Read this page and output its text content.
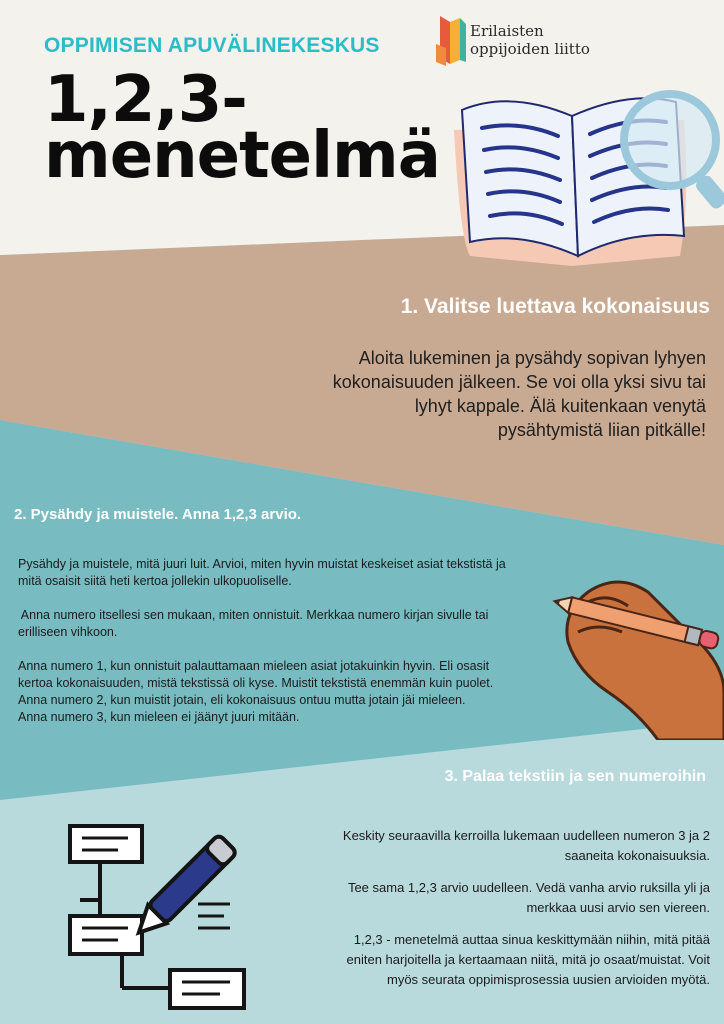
OPPIMISEN APUVÄLINEKESKUS
1,2,3-
menetelmä
Erilaisten
oppijoiden liitto
1. Valitse luettava kokonaisuus
Aloita lukeminen ja pysähdy sopivan lyhyen
kokonaisuuden jälkeen. Se voi olla yksi sivu tai
lyhyt kappale. Älä kuitenkaan venytä
pysähtymistä liian pitkälle!
2. Pysähdy ja muistele. Anna 1,2,3 arvio.

Pysähdy ja muistele, mitä juuri luit. Arvioi, miten hyvin muistat keskeiset asiat tekstistä ja
mitä osaisit siitä heti kertoa jollekin ulkopuoliselle.

Anna numero itsellesi sen mukaan, miten onnistuit. Merkkaa numero kirjan sivulle tai
erilliseen vihkoon.

Anna numero 1, kun onnistuit palauttamaan mieleen asiat jotakuinkin hyvin. Eli osasit
kertoa kokonaisuuden, mistä tekstissä oli kyse. Muistit tekstistä enemmän kuin puolet.
Anna numero 2, kun muistit jotain, eli kokonaisuus ontuu mutta jotain jäi mieleen.
Anna numero 3, kun mieleen ei jäänyt juuri mitään.

3. Palaa tekstiin ja sen numeroihin

Keskity seuraavilla kerroilla lukemaan uudelleen numeron 3 ja 2
saaneita kokonaisuuksia.

Tee sama 1,2,3 arvio uudelleen. Vedä vanha arvio ruksilla yli ja
merkkaa uusi arvio sen viereen.

1,2,3 - menetelmä auttaa sinua keskittymään niihin, mitä pitää
eniten harjoitella ja kertaamaan niitä, mitä jo osaat/muistat. Voit
myös seurata oppimisprosessia uusien arvioiden myötä.
